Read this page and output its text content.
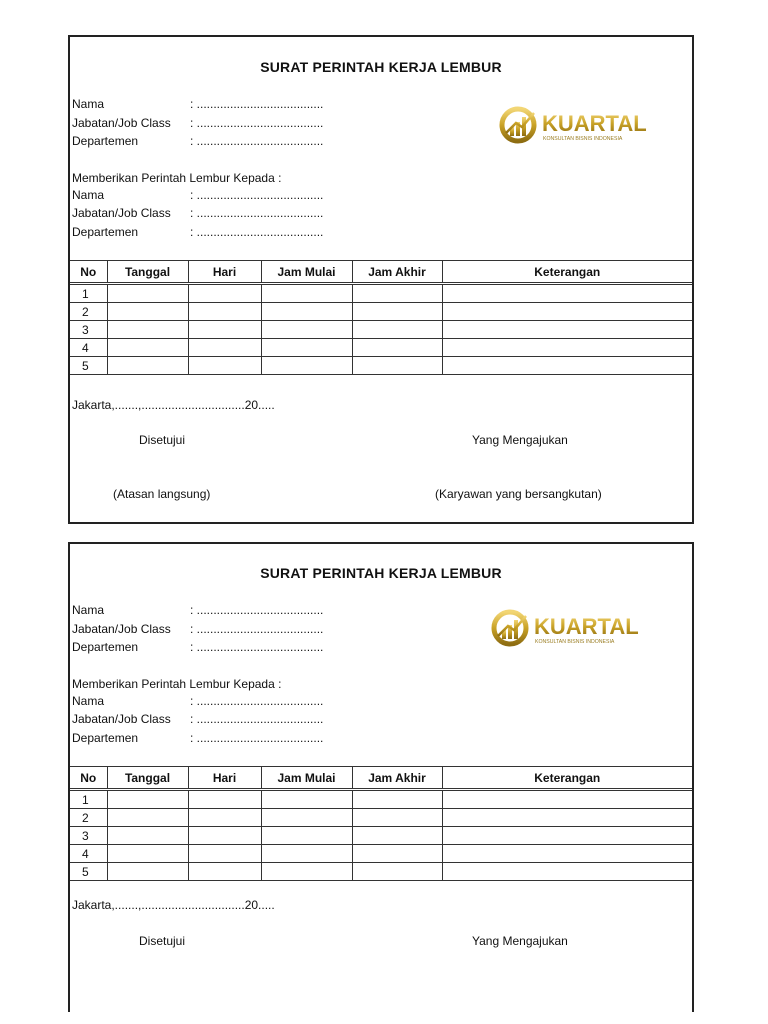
SURAT PERINTAH KERJA LEMBUR
Nama	: ......................................
Jabatan/Job Class : ......................................
Departemen	: ......................................
KUARTAL
KONSULTAN BISNIS INDONESIA
Memberikan Perintah Lembur Kepada :
Nama	: ......................................
Jabatan/Job Class : ......................................
Departemen	: ......................................
No	Tanggal	Hari	Jam Mulai	Jam Akhir	Keterangan
1					
2					
3					
4					
5					
Jakarta,.......,...............................20.....
Disetujui	Yang Mengajukan
(Atasan langsung)	(Karyawan yang bersangkutan)
SURAT PERINTAH KERJA LEMBUR
Nama	: ......................................
Jabatan/Job Class : ......................................
Departemen	: ......................................
KUARTAL
KONSULTAN BISNIS INDONESIA
Memberikan Perintah Lembur Kepada :
Nama	: ......................................
Jabatan/Job Class : ......................................
Departemen	: ......................................
No	Tanggal	Hari	Jam Mulai	Jam Akhir	Keterangan
1					
2					
3					
4					
5					
Jakarta,.......,...............................20.....
Disetujui	Yang Mengajukan
